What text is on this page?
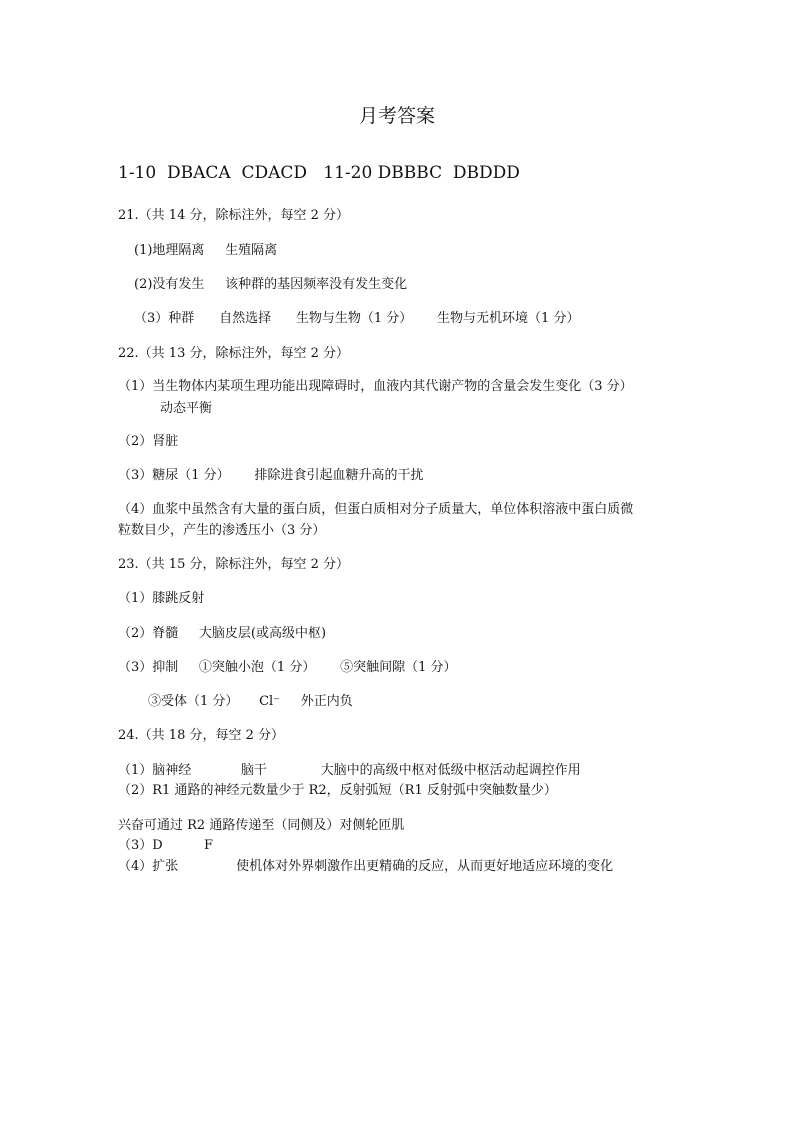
月考答案
1-10  DBACA  CDACD   11-20 DBBBC  DBDDD
21.（共 14 分，除标注外，每空 2 分）
(1)地理隔离     生殖隔离
(2)没有发生     该种群的基因频率没有发生变化
（3）种群      自然选择      生物与生物（1 分）      生物与无机环境（1 分）
22.（共 13 分，除标注外，每空 2 分）
（1）当生物体内某项生理功能出现障碍时，血液内其代谢产物的含量会发生变化（3 分）
动态平衡
（2）肾脏
（3）糖尿（1 分）      排除进食引起血糖升高的干扰
（4）血浆中虽然含有大量的蛋白质，但蛋白质相对分子质量大，单位体积溶液中蛋白质微
粒数目少，产生的渗透压小（3 分）
23.（共 15 分，除标注外，每空 2 分）
（1）膝跳反射
（2）脊髓     大脑皮层(或高级中枢)
（3）抑制     ①突触小泡（1 分）      ⑤突触间隙（1 分）
③受体（1 分）     Cl⁻     外正内负
24.（共 18 分，每空 2 分）
（1）脑神经            脑干             大脑中的高级中枢对低级中枢活动起调控作用
（2）R1 通路的神经元数量少于 R2，反射弧短（R1 反射弧中突触数量少）
兴奋可通过 R2 通路传递至（同侧及）对侧轮匝肌
（3）D          F
（4）扩张              使机体对外界刺激作出更精确的反应，从而更好地适应环境的变化
